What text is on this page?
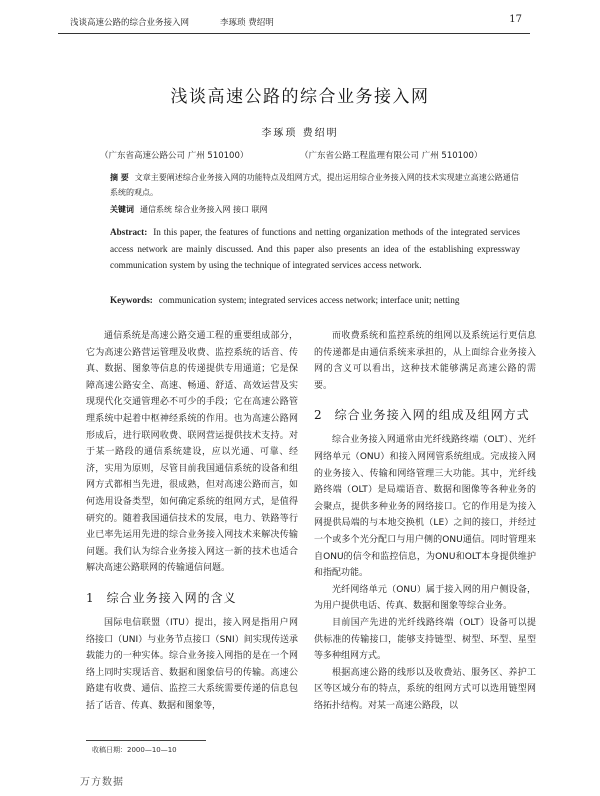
浅谈高速公路的综合业务接入网	李琢琐 费绍明	17
浅谈高速公路的综合业务接入网
李琢琐 费绍明
（广东省高速公路公司 广州 510100）	（广东省公路工程监理有限公司 广州 510100）
摘 要 文章主要阐述综合业务接入网的功能特点及组网方式，提出运用综合业务接入网的技术实现建立高速公路通信系统的观点。
关键词 通信系统 综合业务接入网 接口 联网
Abstract: In this paper, the features of functions and netting organization methods of the integrated services access network are mainly discussed. And this paper also presents an idea of the establishing expressway communication system by using the technique of integrated services access network.
Keywords: communication system; integrated services access network; interface unit; netting

通信系统是高速公路交通工程的重要组成部分，它为高速公路营运管理及收费、监控系统的话音、传真、数据、图象等信息的传递提供专用通道；它是保障高速公路安全、高速、畅通、舒适、高效运营及实现现代化交通管理必不可少的手段；它在高速公路管理系统中起着中枢神经系统的作用。也为高速公路网形成后，进行联网收费、联网营运提供技术支持。对于某一路段的通信系统建设，应以光通、可靠、经济，实用为原则，尽管目前我国通信系统的设备和组网方式都相当先进，很成熟，但对高速公路而言，如何选用设备类型，如何确定系统的组网方式，是值得研究的。随着我国通信技术的发展，电力、铁路等行业已率先运用先进的综合业务接入网技术来解决传输问题。我们认为综合业务接入网这一新的技术也适合解决高速公路联网的传输通信问题。

1 综合业务接入网的含义

国际电信联盟（ITU）提出，接入网是指用户网络接口（UNI）与业务节点接口（SNI）间实现传送承载能力的一种实体。综合业务接入网指的是在一个网络上同时实现话音、数据和图象信号的传输。高速公路建有收费、通信、监控三大系统需要传递的信息包括了话音、传真、数据和图象等，

而收费系统和监控系统的组网以及系统运行更信息的传递都是由通信系统来承担的，从上面综合业务接入网的含义可以看出，这种技术能够满足高速公路的需要。

2 综合业务接入网的组成及组网方式

综合业务接入网通常由光纤线路终端（OLT）、光纤网络单元（ONU）和接入网网管系统组成。完成接入网的业务接入、传输和网络管理三大功能。其中，光纤线路终端（OLT）是局端语音、数据和图像等各种业务的会聚点，提供多种业务的网络接口。它的作用是为接入网提供局端的与本地交换机（LE）之间的接口，并经过一个或多个光分配口与用户侧的ONU通信。同时管理来自ONU的信令和监控信息，为ONU和OLT本身提供维护和指配功能。

光纤网络单元（ONU）属于接入网的用户侧设备，为用户提供电话、传真、数据和图象等综合业务。

目前国产先进的光纤线路终端（OLT）设备可以提供标准的传输接口，能够支持链型、树型、环型、星型等多种组网方式。

根据高速公路的线形以及收费站、服务区、养护工区等区域分布的特点，系统的组网方式可以选用链型网络拓扑结构。对某一高速公路段，以

收稿日期：2000—10—10
万方数据
